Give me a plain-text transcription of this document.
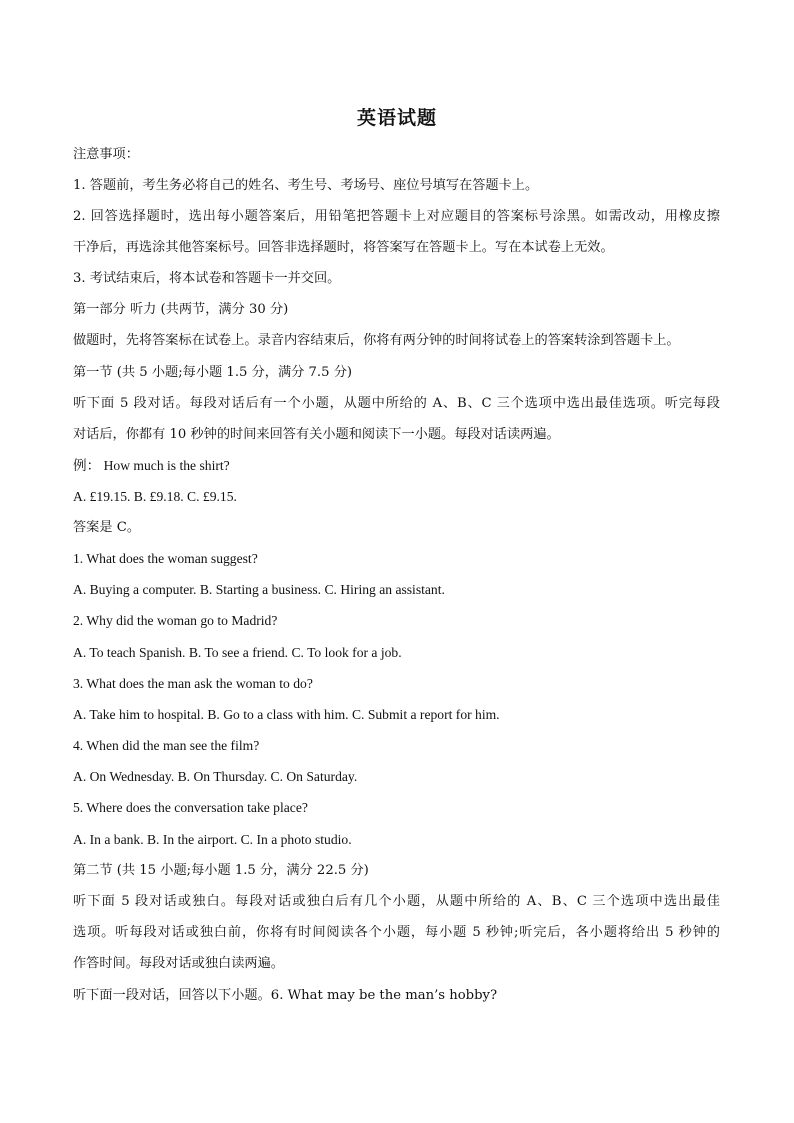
英语试题
注意事项：
1. 答题前，考生务必将自己的姓名、考生号、考场号、座位号填写在答题卡上。
2. 回答选择题时，选出每小题答案后，用铅笔把答题卡上对应题目的答案标号涂黑。如需改动，用橡皮擦
干净后，再选涂其他答案标号。回答非选择题时，将答案写在答题卡上。写在本试卷上无效。
3. 考试结束后，将本试卷和答题卡一并交回。
第一部分 听力 (共两节，满分 30 分)
做题时，先将答案标在试卷上。录音内容结束后，你将有两分钟的时间将试卷上的答案转涂到答题卡上。
第一节 (共 5 小题;每小题 1.5 分，满分 7.5 分)
听下面 5 段对话。每段对话后有一个小题，从题中所给的 A、B、C 三个选项中选出最佳选项。听完每段
对话后，你都有 10 秒钟的时间来回答有关小题和阅读下一小题。每段对话读两遍。
例： How much is the shirt?
A. £19.15. B. £9.18. C. £9.15.
答案是 C。
1. What does the woman suggest?
A. Buying a computer. B. Starting a business. C. Hiring an assistant.
2. Why did the woman go to Madrid?
A. To teach Spanish. B. To see a friend. C. To look for a job.
3. What does the man ask the woman to do?
A. Take him to hospital. B. Go to a class with him. C. Submit a report for him.
4. When did the man see the film?
A. On Wednesday. B. On Thursday. C. On Saturday.
5. Where does the conversation take place?
A. In a bank. B. In the airport. C. In a photo studio.
第二节 (共 15 小题;每小题 1.5 分，满分 22.5 分)
听下面 5 段对话或独白。每段对话或独白后有几个小题，从题中所给的 A、B、C 三个选项中选出最佳
选项。听每段对话或独白前，你将有时间阅读各个小题，每小题 5 秒钟;听完后，各小题将给出 5 秒钟的
作答时间。每段对话或独白读两遍。
听下面一段对话，回答以下小题。6. What may be the man’s hobby?
